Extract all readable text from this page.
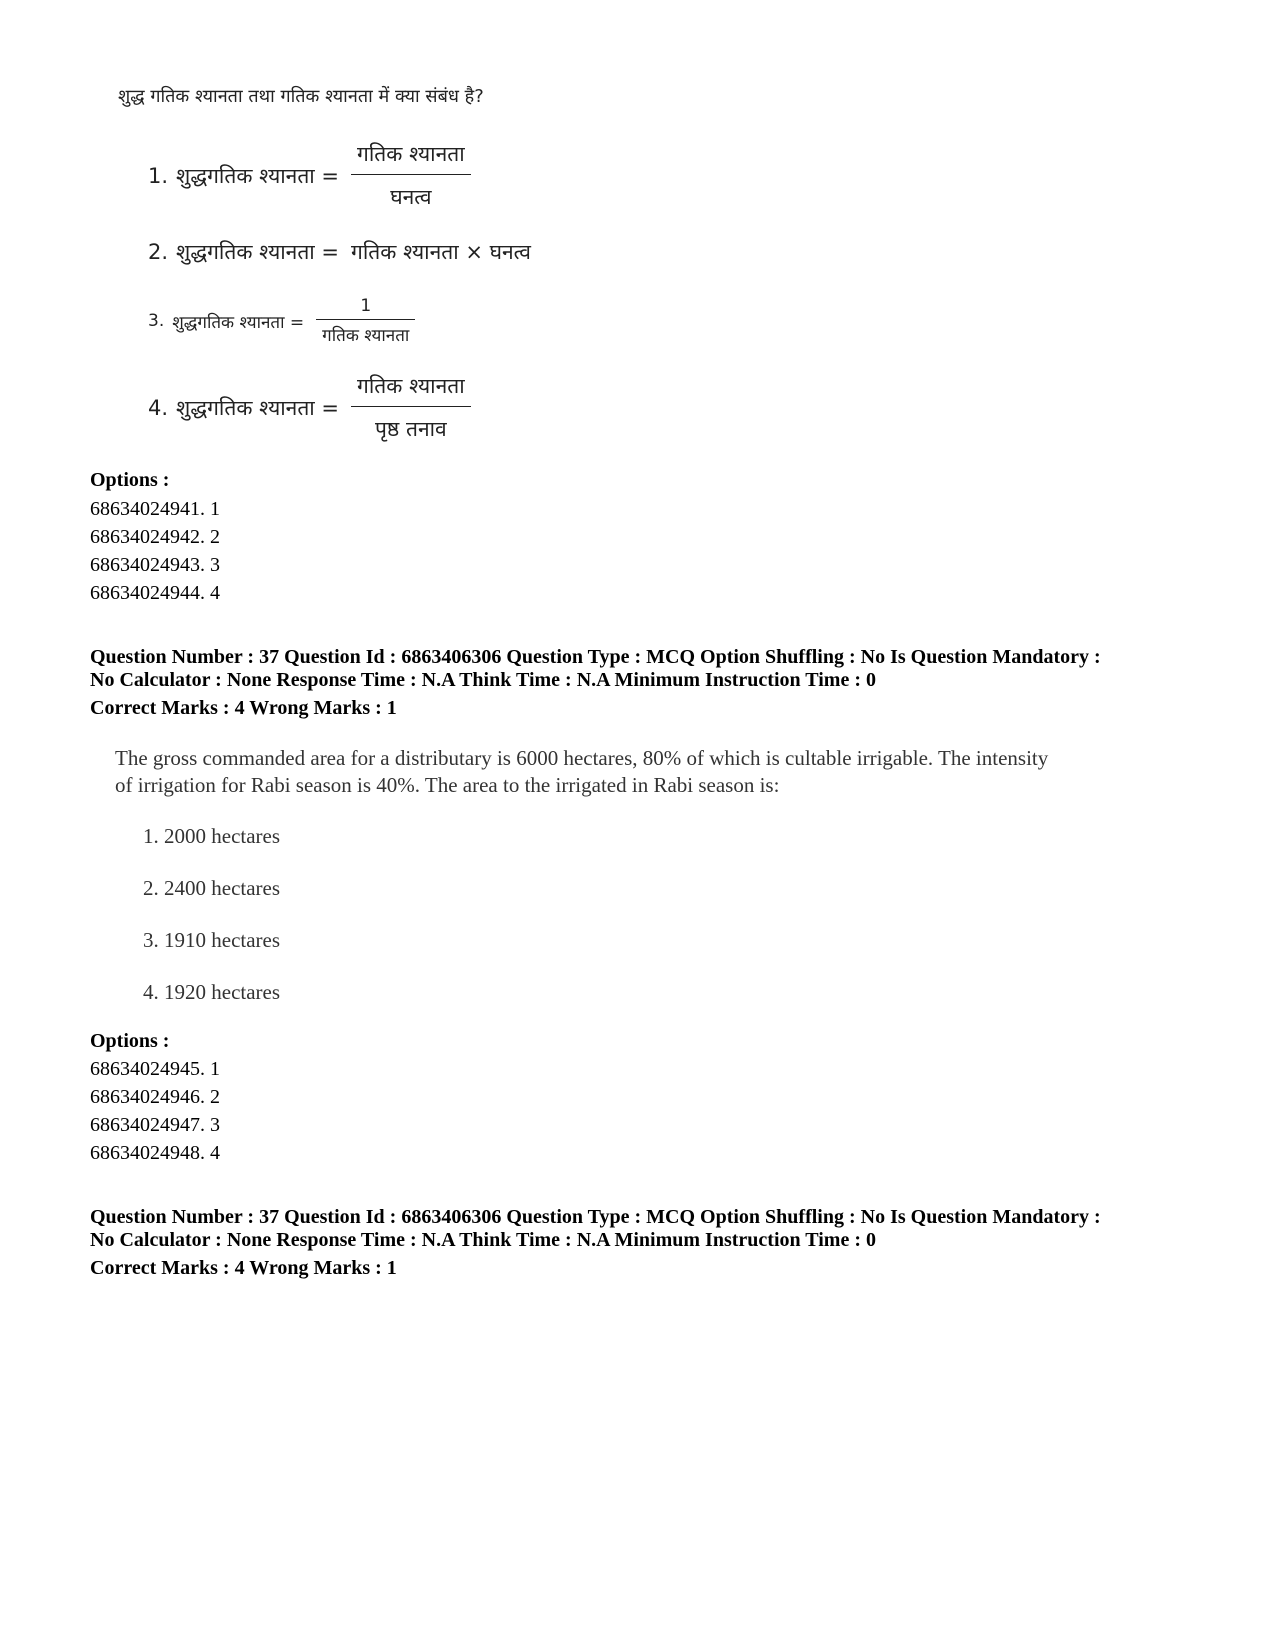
शुद्ध गतिक श्यानता तथा गतिक श्यानता में क्या संबंध है?
1. शुद्धगतिक श्यानता = $\frac{\text{गतिक श्यानता}}{\text{घनत्व}}$
2. शुद्धगतिक श्यानता = गतिक श्यानता × घनत्व
3. शुद्धगतिक श्यानता = $\frac{1}{\text{गतिक श्यानता}}$
4. शुद्धगतिक श्यानता = $\frac{\text{गतिक श्यानता}}{\text{पृष्ठ तनाव}}$
Options :
68634024941. 1
68634024942. 2
68634024943. 3
68634024944. 4
Question Number : 37 Question Id : 6863406306 Question Type : MCQ Option Shuffling : No Is Question Mandatory :
No Calculator : None Response Time : N.A Think Time : N.A Minimum Instruction Time : 0
Correct Marks : 4 Wrong Marks : 1
The gross commanded area for a distributary is 6000 hectares, 80% of which is cultable irrigable. The intensity
of irrigation for Rabi season is 40%. The area to the irrigated in Rabi season is:
1. 2000 hectares
2. 2400 hectares
3. 1910 hectares
4. 1920 hectares
Options :
68634024945. 1
68634024946. 2
68634024947. 3
68634024948. 4
Question Number : 37 Question Id : 6863406306 Question Type : MCQ Option Shuffling : No Is Question Mandatory :
No Calculator : None Response Time : N.A Think Time : N.A Minimum Instruction Time : 0
Correct Marks : 4 Wrong Marks : 1
